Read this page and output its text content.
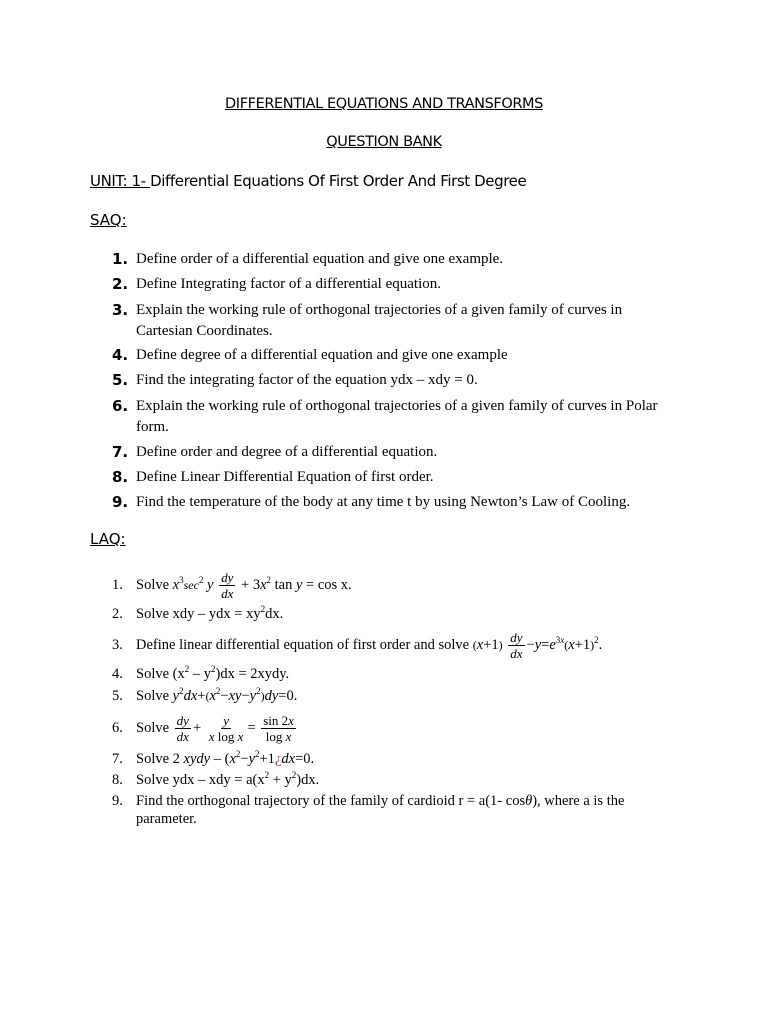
DIFFERENTIAL EQUATIONS AND TRANSFORMS
QUESTION BANK
UNIT: 1- Differential Equations Of First Order And First Degree
SAQ:
1. Define order of a differential equation and give one example.
2. Define Integrating factor of a differential equation.
3. Explain the working rule of orthogonal trajectories of a given family of curves in Cartesian Coordinates.
4. Define degree of a differential equation and give one example
5. Find the integrating factor of the equation ydx – xdy = 0.
6. Explain the working rule of orthogonal trajectories of a given family of curves in Polar form.
7. Define order and degree of a differential equation.
8. Define Linear Differential Equation of first order.
9. Find the temperature of the body at any time t by using Newton’s Law of Cooling.
LAQ:
1. Solve $x^3\sec^2$ y $\frac{dy}{dx} + 3x^2$ tan y = cos x.
2. Solve xdy – ydx = $xy^2dx$.
3. Define linear differential equation of first order and solve $(x+1) \frac{dy}{dx} -y=e^{3x}(x+1)^2$.
4. Solve $(x^2 - y^2)dx$ = 2xydy.
5. Solve $y^2dx+(x^2-xy-y^2)dy=0$.
6. Solve $\frac{dy}{dx} + \frac{y}{\text{x log x}} = \frac{\sin 2x}{\text{log x}}$
7. Solve 2 xydy – ($x^2-y^2+1¿dx=0$.
8. Solve ydx – xdy = $a(x^2 + y^2)dx$.
9. Find the orthogonal trajectory of the family of cardioid r = a(1- cosθ), where a is the parameter.
